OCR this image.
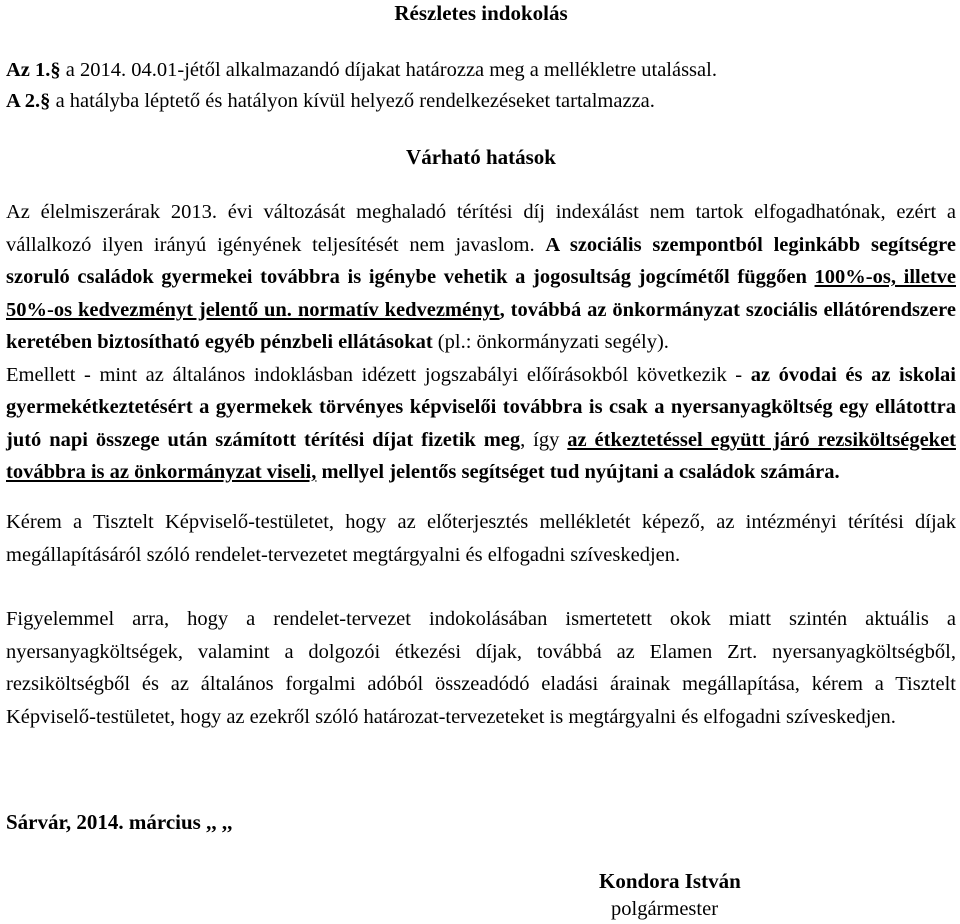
Részletes indokolás
Az 1.§ a 2014. 04.01-jétől alkalmazandó díjakat határozza meg a mellékletre utalással.
A 2.§ a hatályba léptető és hatályon kívül helyező rendelkezéseket tartalmazza.
Várható hatások

Az élelmiszerárak 2013. évi változását meghaladó térítési díj indexálást nem tartok elfogadhatónak, ezért a vállalkozó ilyen irányú igényének teljesítését nem javaslom. A szociális szempontból leginkább segítségre szoruló családok gyermekei továbbra is igénybe vehetik a jogosultság jogcímétől függően 100%-os, illetve 50%-os kedvezményt jelentő un. normatív kedvezményt, továbbá az önkormányzat szociális ellátórendszere keretében biztosítható egyéb pénzbeli ellátásokat (pl.: önkormányzati segély).
Emellett - mint az általános indoklásban idézett jogszabályi előírásokból következik - az óvodai és az iskolai gyermekétkeztetésért a gyermekek törvényes képviselői továbbra is csak a nyersanyagköltség egy ellátottra jutó napi összege után számított térítési díjat fizetik meg, így az étkeztetéssel együtt járó rezsiköltségeket továbbra is az önkormányzat viseli, mellyel jelentős segítséget tud nyújtani a családok számára.

Kérem a Tisztelt Képviselő-testületet, hogy az előterjesztés mellékletét képező, az intézményi térítési díjak megállapításáról szóló rendelet-tervezetet megtárgyalni és elfogadni szíveskedjen.

Figyelemmel arra, hogy a rendelet-tervezet indokolásában ismertetett okok miatt szintén aktuális a nyersanyagköltségek, valamint a dolgozói étkezési díjak, továbbá az Elamen Zrt. nyersanyagköltségből, rezsiköltségből és az általános forgalmi adóból összeadódó eladási árainak megállapítása, kérem a Tisztelt Képviselő-testületet, hogy az ezekről szóló határozat-tervezeteket is megtárgyalni és elfogadni szíveskedjen.

Sárvár, 2014. március ,, ,,
Kondora István
polgármester
